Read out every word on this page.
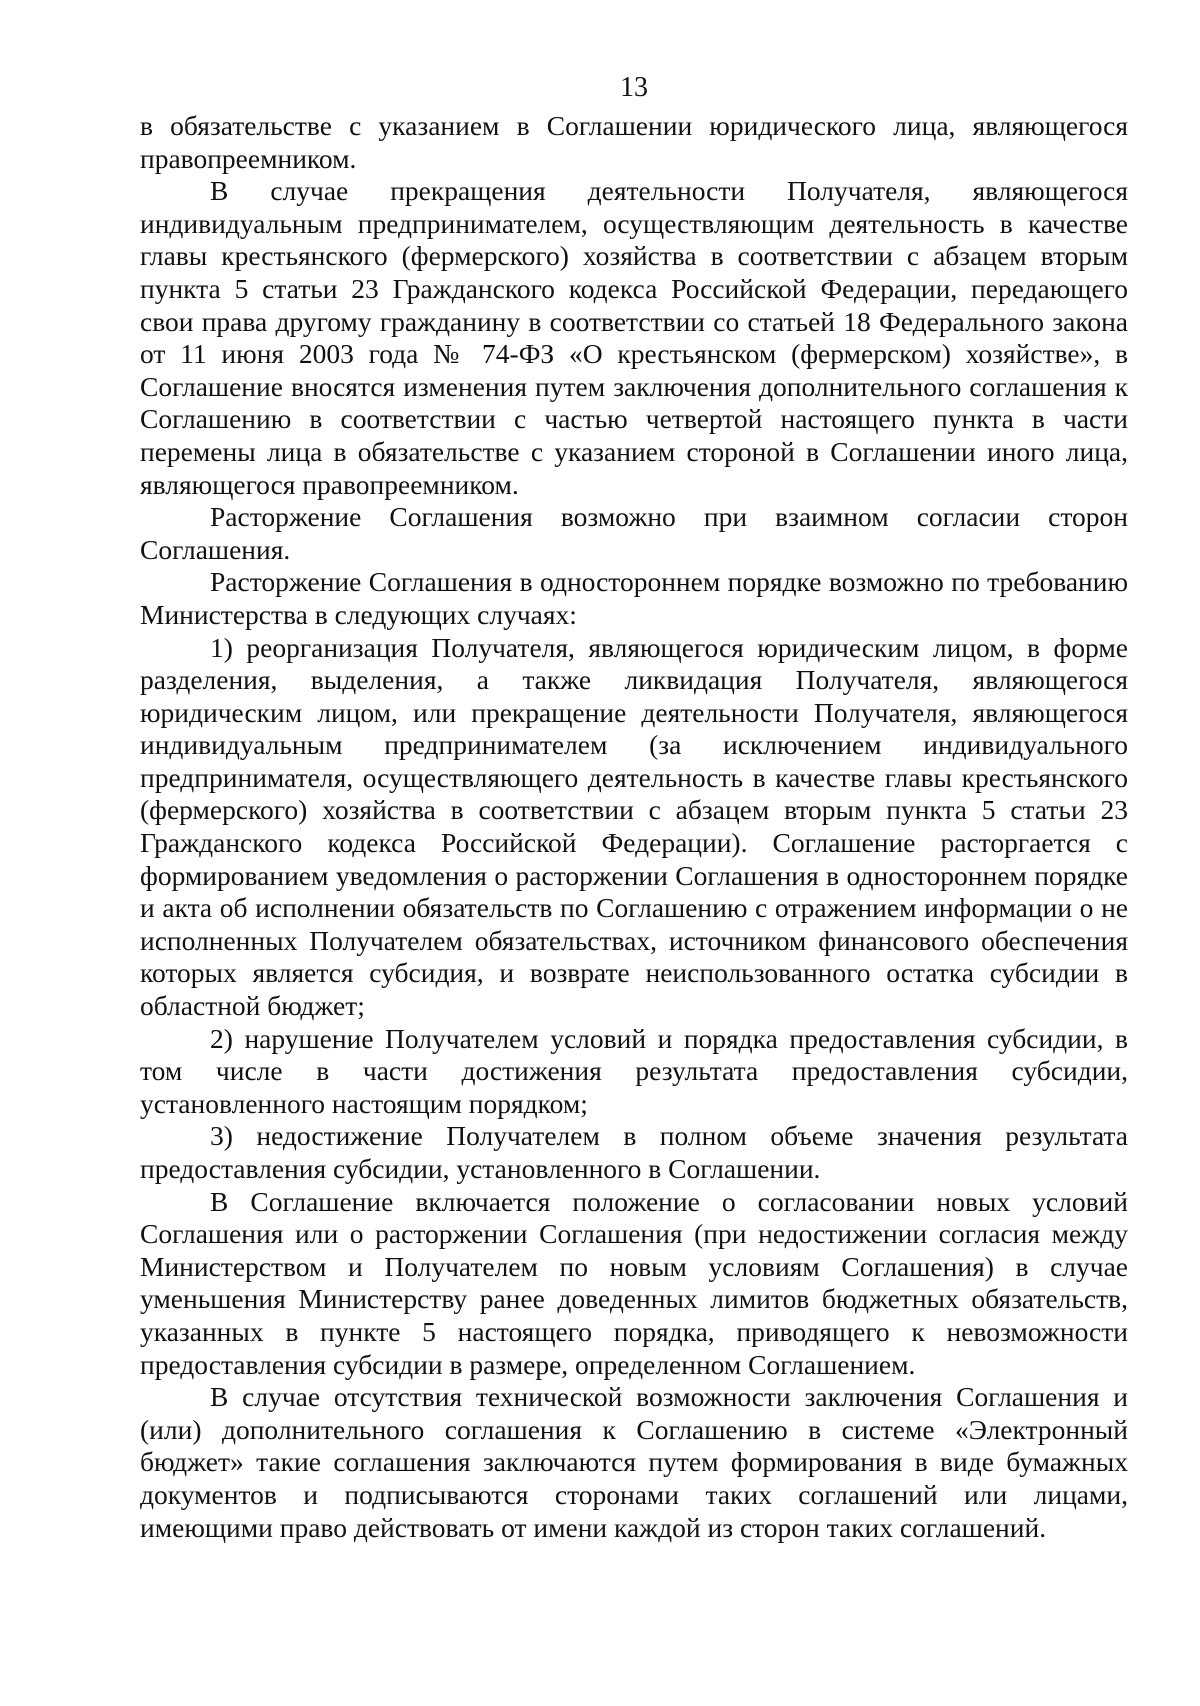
13

в обязательстве с указанием в Соглашении юридического лица, являющегося правопреемником.

В случае прекращения деятельности Получателя, являющегося индивидуальным предпринимателем, осуществляющим деятельность в качестве главы крестьянского (фермерского) хозяйства в соответствии с абзацем вторым пункта 5 статьи 23 Гражданского кодекса Российской Федерации, передающего свои права другому гражданину в соответствии со статьей 18 Федерального закона от 11 июня 2003 года № 74-ФЗ «О крестьянском (фермерском) хозяйстве», в Соглашение вносятся изменения путем заключения дополнительного соглашения к Соглашению в соответствии с частью четвертой настоящего пункта в части перемены лица в обязательстве с указанием стороной в Соглашении иного лица, являющегося правопреемником.

Расторжение Соглашения возможно при взаимном согласии сторон Соглашения.

Расторжение Соглашения в одностороннем порядке возможно по требованию Министерства в следующих случаях:

1) реорганизация Получателя, являющегося юридическим лицом, в форме разделения, выделения, а также ликвидация Получателя, являющегося юридическим лицом, или прекращение деятельности Получателя, являющегося индивидуальным предпринимателем (за исключением индивидуального предпринимателя, осуществляющего деятельность в качестве главы крестьянского (фермерского) хозяйства в соответствии с абзацем вторым пункта 5 статьи 23 Гражданского кодекса Российской Федерации). Соглашение расторгается с формированием уведомления о расторжении Соглашения в одностороннем порядке и акта об исполнении обязательств по Соглашению с отражением информации о не исполненных Получателем обязательствах, источником финансового обеспечения которых является субсидия, и возврате неиспользованного остатка субсидии в областной бюджет;

2) нарушение Получателем условий и порядка предоставления субсидии, в том числе в части достижения результата предоставления субсидии, установленного настоящим порядком;

3) недостижение Получателем в полном объеме значения результата предоставления субсидии, установленного в Соглашении.

В Соглашение включается положение о согласовании новых условий Соглашения или о расторжении Соглашения (при недостижении согласия между Министерством и Получателем по новым условиям Соглашения) в случае уменьшения Министерству ранее доведенных лимитов бюджетных обязательств, указанных в пункте 5 настоящего порядка, приводящего к невозможности предоставления субсидии в размере, определенном Соглашением.

В случае отсутствия технической возможности заключения Соглашения и (или) дополнительного соглашения к Соглашению в системе «Электронный бюджет» такие соглашения заключаются путем формирования в виде бумажных документов и подписываются сторонами таких соглашений или лицами, имеющими право действовать от имени каждой из сторон таких соглашений.
